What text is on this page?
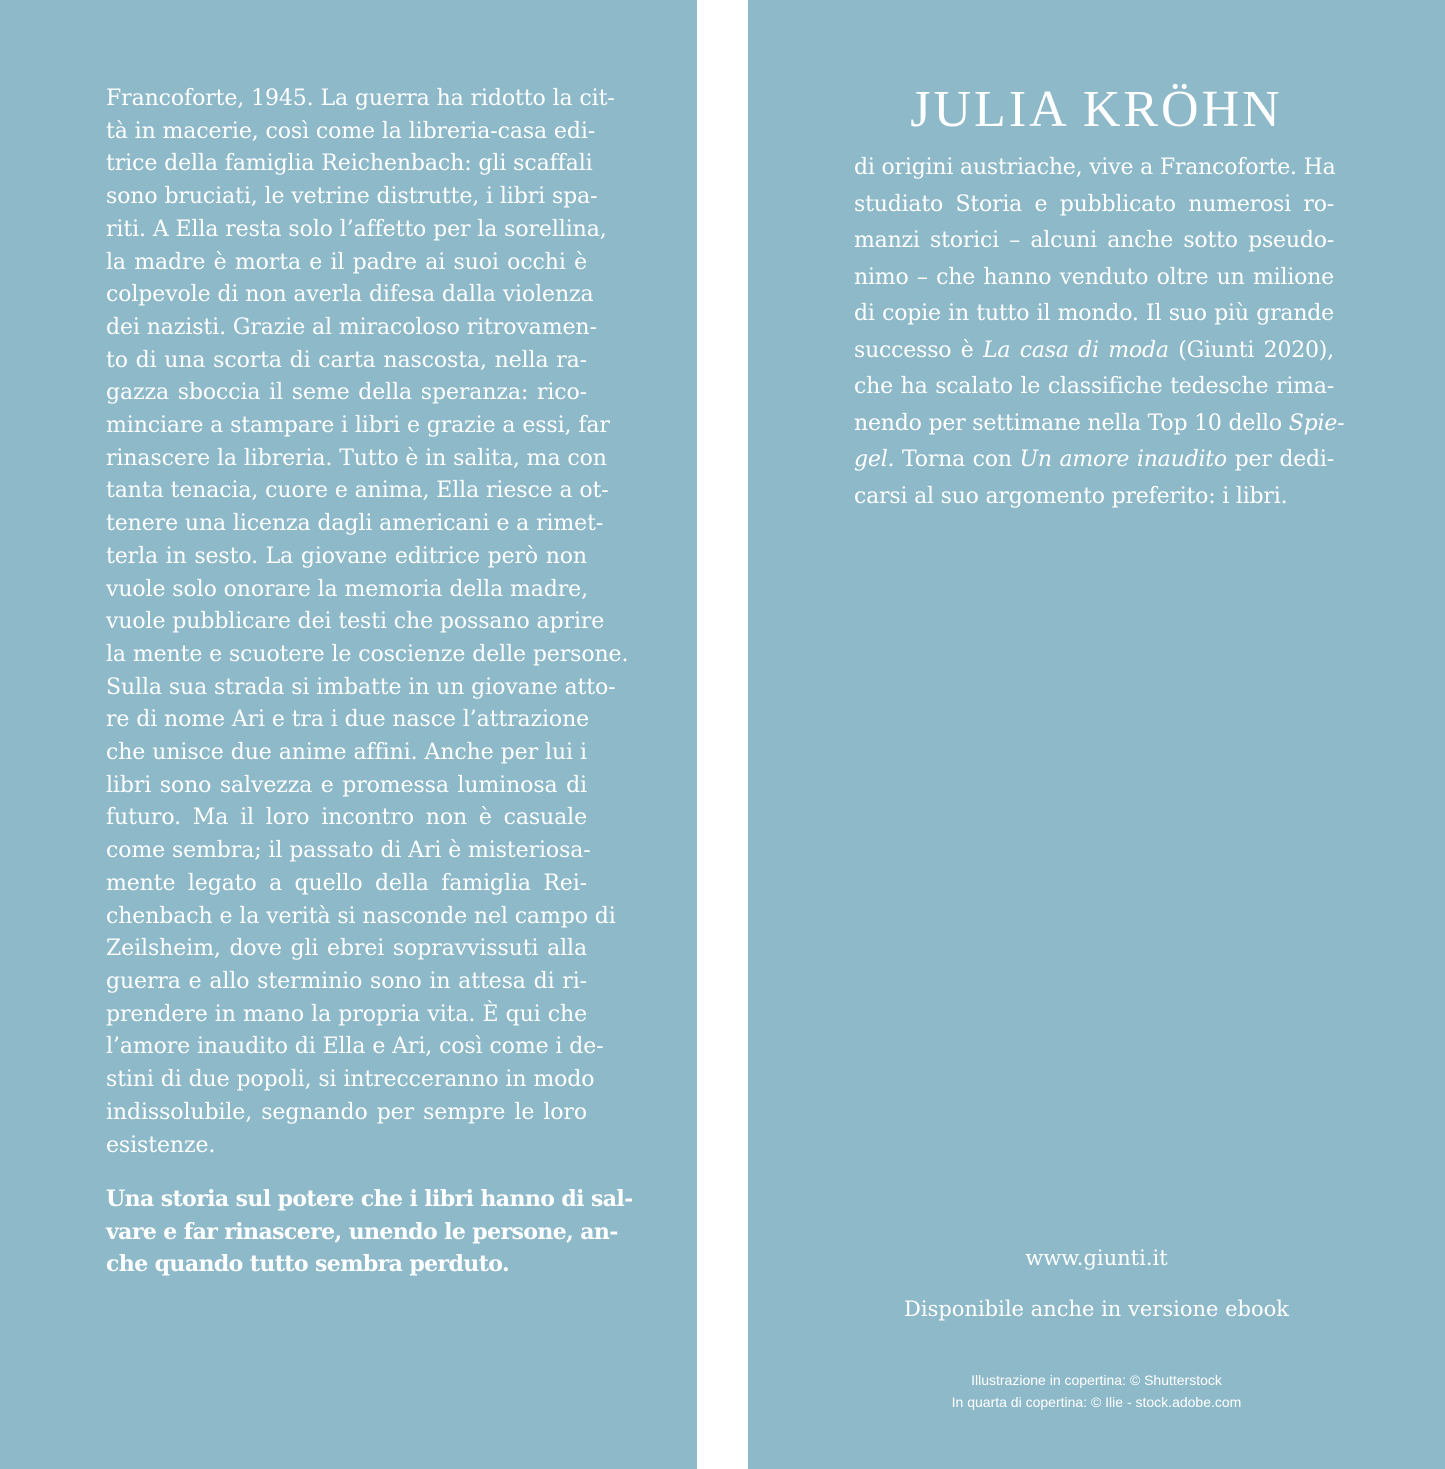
Francoforte, 1945. La guerra ha ridotto la cit-
tà in macerie, così come la libreria-casa edi-
trice della famiglia Reichenbach: gli scaffali
sono bruciati, le vetrine distrutte, i libri spa-
riti. A Ella resta solo l’affetto per la sorellina,
la madre è morta e il padre ai suoi occhi è
colpevole di non averla difesa dalla violenza
dei nazisti. Grazie al miracoloso ritrovamen-
to di una scorta di carta nascosta, nella ra-
gazza sboccia il seme della speranza: rico-
minciare a stampare i libri e grazie a essi, far
rinascere la libreria. Tutto è in salita, ma con
tanta tenacia, cuore e anima, Ella riesce a ot-
tenere una licenza dagli americani e a rimet-
terla in sesto. La giovane editrice però non
vuole solo onorare la memoria della madre,
vuole pubblicare dei testi che possano aprire
la mente e scuotere le coscienze delle persone.
Sulla sua strada si imbatte in un giovane atto-
re di nome Ari e tra i due nasce l’attrazione
che unisce due anime affini. Anche per lui i
libri sono salvezza e promessa luminosa di
futuro. Ma il loro incontro non è casuale
come sembra; il passato di Ari è misteriosa-
mente legato a quello della famiglia Rei-
chenbach e la verità si nasconde nel campo di
Zeilsheim, dove gli ebrei sopravvissuti alla
guerra e allo sterminio sono in attesa di ri-
prendere in mano la propria vita. È qui che
l’amore inaudito di Ella e Ari, così come i de-
stini di due popoli, si intrecceranno in modo
indissolubile, segnando per sempre le loro
esistenze.

Una storia sul potere che i libri hanno di sal-
vare e far rinascere, unendo le persone, an-
che quando tutto sembra perduto.

JULIA KRÖHN

di origini austriache, vive a Francoforte. Ha
studiato Storia e pubblicato numerosi ro-
manzi storici – alcuni anche sotto pseudo-
nimo – che hanno venduto oltre un milione
di copie in tutto il mondo. Il suo più grande
successo è La casa di moda (Giunti 2020),
che ha scalato le classifiche tedesche rima-
nendo per settimane nella Top 10 dello Spie-
gel. Torna con Un amore inaudito per dedi-
carsi al suo argomento preferito: i libri.

www.giunti.it

Disponibile anche in versione ebook

Illustrazione in copertina: © Shutterstock

In quarta di copertina: © Ilie - stock.adobe.com
